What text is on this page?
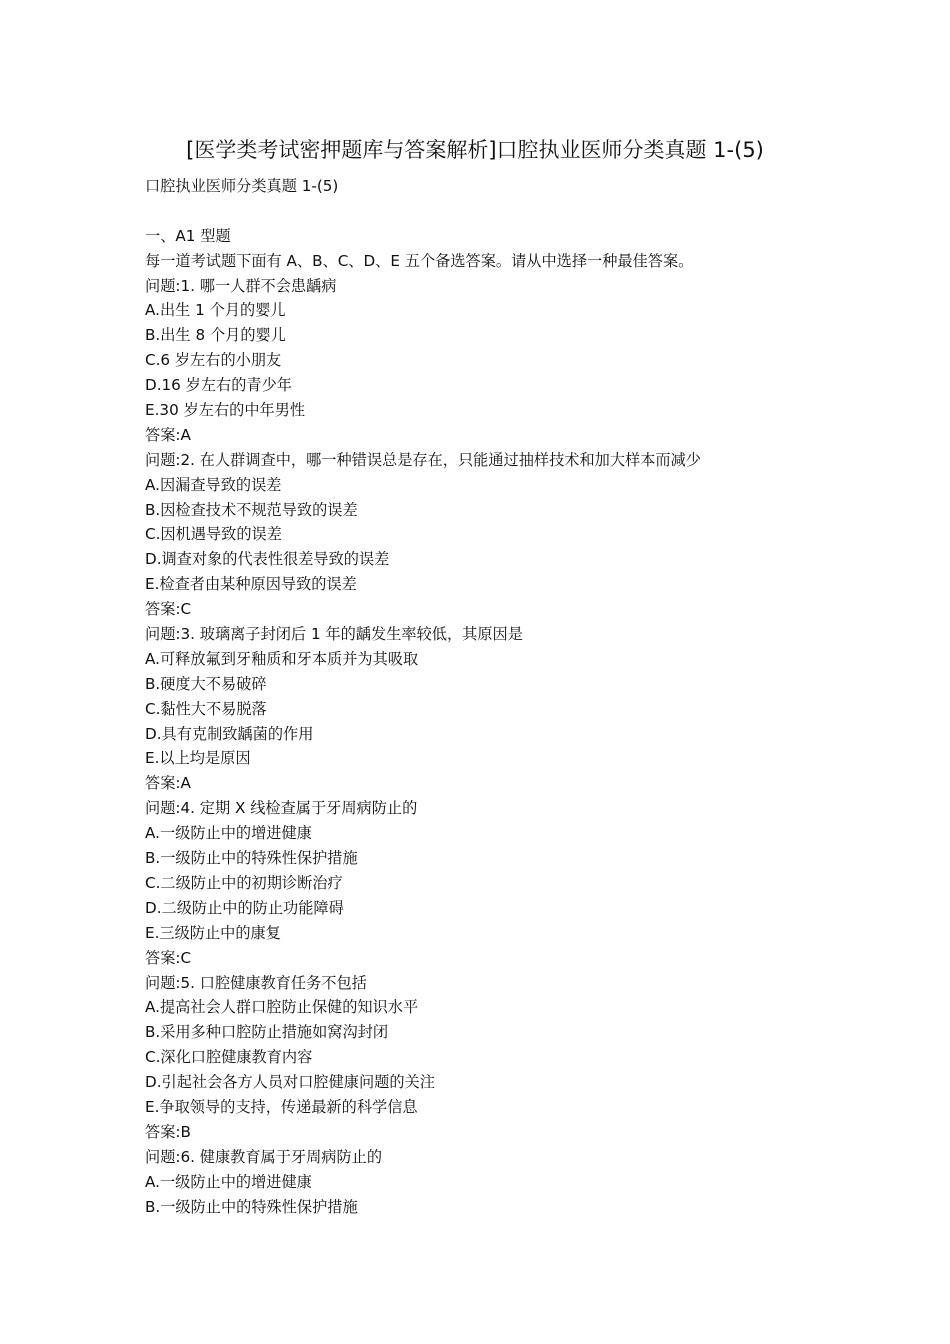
[医学类考试密押题库与答案解析]口腔执业医师分类真题 1-(5)
口腔执业医师分类真题 1-(5)
一、A1 型题
每一道考试题下面有 A、B、C、D、E 五个备选答案。请从中选择一种最佳答案。
问题:1. 哪一人群不会患龋病
A.出生 1 个月的婴儿
B.出生 8 个月的婴儿
C.6 岁左右的小朋友
D.16 岁左右的青少年
E.30 岁左右的中年男性
答案:A
问题:2. 在人群调查中，哪一种错误总是存在，只能通过抽样技术和加大样本而减少
A.因漏查导致的误差
B.因检查技术不规范导致的误差
C.因机遇导致的误差
D.调查对象的代表性很差导致的误差
E.检查者由某种原因导致的误差
答案:C
问题:3. 玻璃离子封闭后 1 年的龋发生率较低，其原因是
A.可释放氟到牙釉质和牙本质并为其吸取
B.硬度大不易破碎
C.黏性大不易脱落
D.具有克制致龋菌的作用
E.以上均是原因
答案:A
问题:4. 定期 X 线检查属于牙周病防止的
A.一级防止中的增进健康
B.一级防止中的特殊性保护措施
C.二级防止中的初期诊断治疗
D.二级防止中的防止功能障碍
E.三级防止中的康复
答案:C
问题:5. 口腔健康教育任务不包括
A.提高社会人群口腔防止保健的知识水平
B.采用多种口腔防止措施如窝沟封闭
C.深化口腔健康教育内容
D.引起社会各方人员对口腔健康问题的关注
E.争取领导的支持，传递最新的科学信息
答案:B
问题:6. 健康教育属于牙周病防止的
A.一级防止中的增进健康
B.一级防止中的特殊性保护措施
